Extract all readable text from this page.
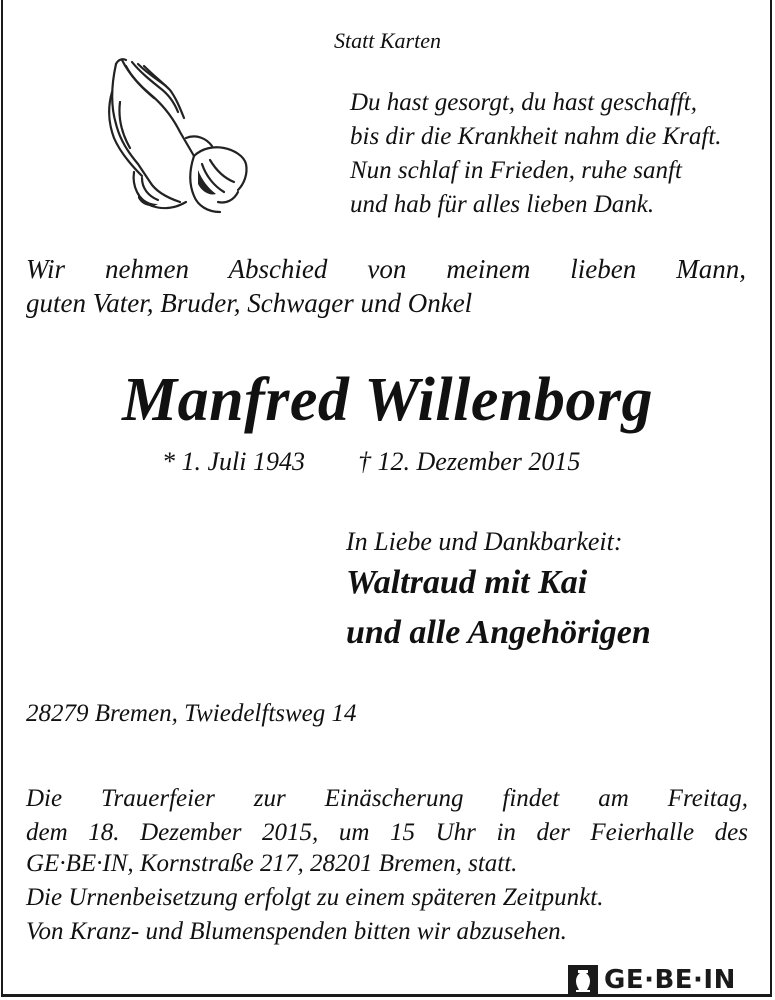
Statt Karten

Du hast gesorgt, du hast geschafft,
bis dir die Krankheit nahm die Kraft.
Nun schlaf in Frieden, ruhe sanft
und hab für alles lieben Dank.
Wir nehmen Abschied von meinem lieben Mann,
guten Vater, Bruder, Schwager und Onkel
Manfred Willenborg
* 1. Juli 1943 † 12. Dezember 2015
In Liebe und Dankbarkeit:
Waltraud mit Kai
und alle Angehörigen
28279 Bremen, Twiedelftsweg 14
Die Trauerfeier zur Einäscherung findet am Freitag,
dem 18. Dezember 2015, um 15 Uhr in der Feierhalle des
GE·BE·IN, Kornstraße 217, 28201 Bremen, statt.
Die Urnenbeisetzung erfolgt zu einem späteren Zeitpunkt.
Von Kranz- und Blumenspenden bitten wir abzusehen.
GE·BE·IN
